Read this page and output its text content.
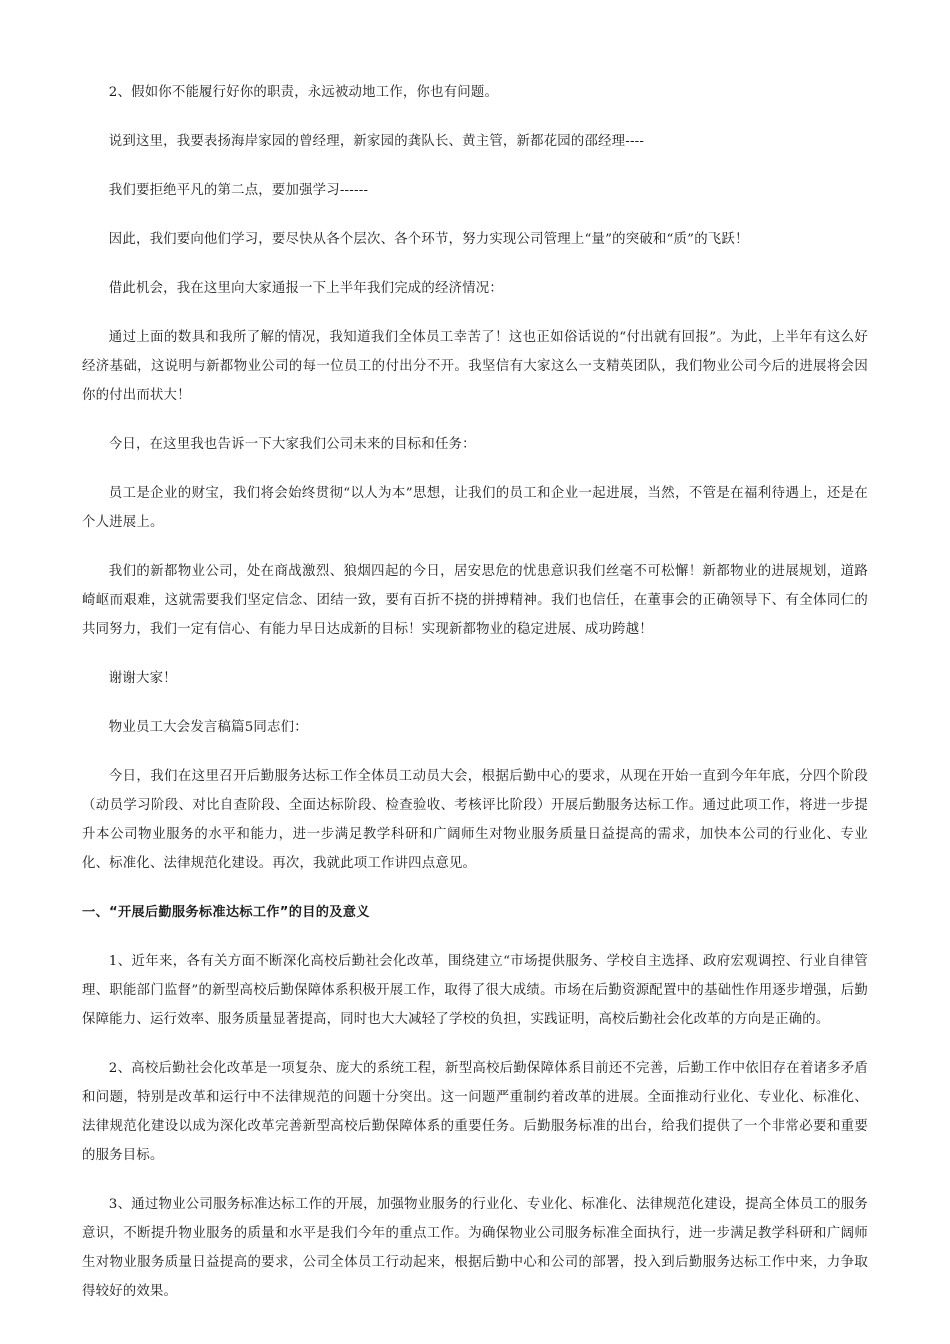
2、假如你不能履行好你的职责，永远被动地工作，你也有问题。

说到这里，我要表扬海岸家园的曾经理，新家园的龚队长、黄主管，新都花园的邵经理----

我们要拒绝平凡的第二点，要加强学习------

因此，我们要向他们学习，要尽快从各个层次、各个环节，努力实现公司管理上“量”的突破和“质”的飞跃！

借此机会，我在这里向大家通报一下上半年我们完成的经济情况：

通过上面的数具和我所了解的情况，我知道我们全体员工幸苦了！这也正如俗话说的“付出就有回报”。为此，上半年有这么好经济基础，这说明与新都物业公司的每一位员工的付出分不开。我坚信有大家这么一支精英团队，我们物业公司今后的进展将会因你的付出而状大！

今日，在这里我也告诉一下大家我们公司未来的目标和任务：

员工是企业的财宝，我们将会始终贯彻“以人为本”思想，让我们的员工和企业一起进展，当然，不管是在福利待遇上，还是在个人进展上。

我们的新都物业公司，处在商战激烈、狼烟四起的今日，居安思危的忧患意识我们丝毫不可松懈！新都物业的进展规划，道路崎岖而艰难，这就需要我们坚定信念、团结一致，要有百折不挠的拼搏精神。我们也信任，在董事会的正确领导下、有全体同仁的共同努力，我们一定有信心、有能力早日达成新的目标！实现新都物业的稳定进展、成功跨越！

谢谢大家！

物业员工大会发言稿篇5同志们：

今日，我们在这里召开后勤服务达标工作全体员工动员大会，根据后勤中心的要求，从现在开始一直到今年年底，分四个阶段（动员学习阶段、对比自查阶段、全面达标阶段、检查验收、考核评比阶段）开展后勤服务达标工作。通过此项工作，将进一步提升本公司物业服务的水平和能力，进一步满足教学科研和广阔师生对物业服务质量日益提高的需求，加快本公司的行业化、专业化、标准化、法律规范化建设。再次，我就此项工作讲四点意见。

一、“开展后勤服务标准达标工作”的目的及意义

1、近年来，各有关方面不断深化高校后勤社会化改革，围绕建立“市场提供服务、学校自主选择、政府宏观调控、行业自律管理、职能部门监督”的新型高校后勤保障体系积极开展工作，取得了很大成绩。市场在后勤资源配置中的基础性作用逐步增强，后勤保障能力、运行效率、服务质量显著提高，同时也大大减轻了学校的负担，实践证明，高校后勤社会化改革的方向是正确的。

2、高校后勤社会化改革是一项复杂、庞大的系统工程，新型高校后勤保障体系目前还不完善，后勤工作中依旧存在着诸多矛盾和问题，特别是改革和运行中不法律规范的问题十分突出。这一问题严重制约着改革的进展。全面推动行业化、专业化、标准化、法律规范化建设以成为深化改革完善新型高校后勤保障体系的重要任务。后勤服务标准的出台，给我们提供了一个非常必要和重要的服务目标。

3、通过物业公司服务标准达标工作的开展，加强物业服务的行业化、专业化、标准化、法律规范化建设，提高全体员工的服务意识，不断提升物业服务的质量和水平是我们今年的重点工作。为确保物业公司服务标准全面执行，进一步满足教学科研和广阔师生对物业服务质量日益提高的要求，公司全体员工行动起来，根据后勤中心和公司的部署，投入到后勤服务达标工作中来，力争取得较好的效果。
